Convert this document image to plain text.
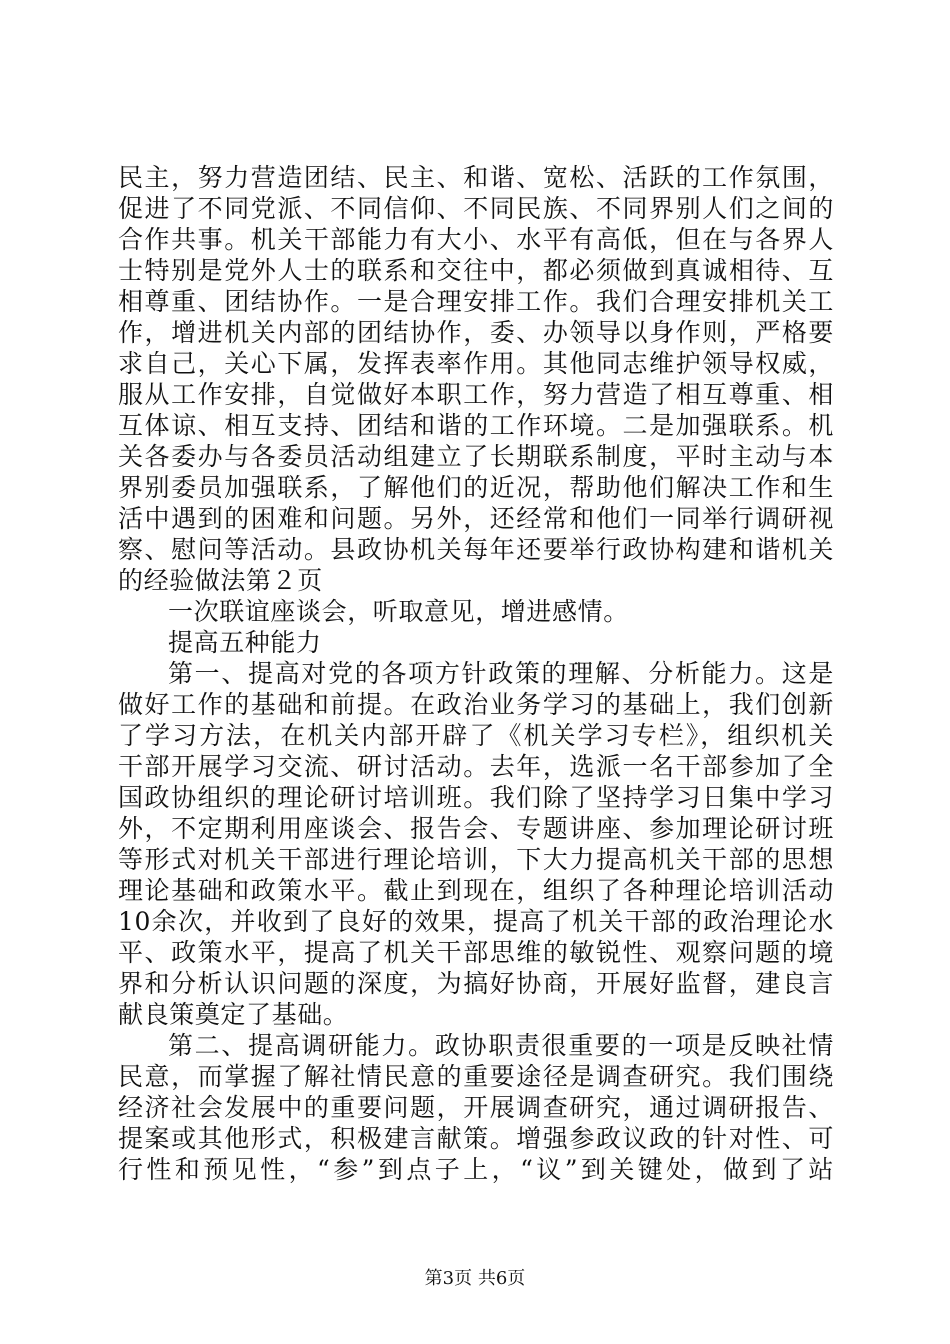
民主，努力营造团结、民主、和谐、宽松、活跃的工作氛围，
促进了不同党派、不同信仰、不同民族、不同界别人们之间的
合作共事。机关干部能力有大小、水平有高低，但在与各界人
士特别是党外人士的联系和交往中，都必须做到真诚相待、互
相尊重、团结协作。一是合理安排工作。我们合理安排机关工
作，增进机关内部的团结协作，委、办领导以身作则，严格要
求自己，关心下属，发挥表率作用。其他同志维护领导权威，
服从工作安排，自觉做好本职工作，努力营造了相互尊重、相
互体谅、相互支持、团结和谐的工作环境。二是加强联系。机
关各委办与各委员活动组建立了长期联系制度，平时主动与本
界别委员加强联系，了解他们的近况，帮助他们解决工作和生
活中遇到的困难和问题。另外，还经常和他们一同举行调研视
察、慰问等活动。县政协机关每年还要举行政协构建和谐机关
的经验做法第２页
一次联谊座谈会，听取意见，增进感情。
提高五种能力
第一、提高对党的各项方针政策的理解、分析能力。这是
做好工作的基础和前提。在政治业务学习的基础上，我们创新
了学习方法，在机关内部开辟了《机关学习专栏》，组织机关
干部开展学习交流、研讨活动。去年，选派一名干部参加了全
国政协组织的理论研讨培训班。我们除了坚持学习日集中学习
外，不定期利用座谈会、报告会、专题讲座、参加理论研讨班
等形式对机关干部进行理论培训，下大力提高机关干部的思想
理论基础和政策水平。截止到现在，组织了各种理论培训活动
10余次，并收到了良好的效果，提高了机关干部的政治理论水
平、政策水平，提高了机关干部思维的敏锐性、观察问题的境
界和分析认识问题的深度，为搞好协商，开展好监督，建良言
献良策奠定了基础。
第二、提高调研能力。政协职责很重要的一项是反映社情
民意，而掌握了解社情民意的重要途径是调查研究。我们围绕
经济社会发展中的重要问题，开展调查研究，通过调研报告、
提案或其他形式，积极建言献策。增强参政议政的针对性、可
行性和预见性，“参”到点子上，“议”到关键处，做到了站
第3页 共6页
